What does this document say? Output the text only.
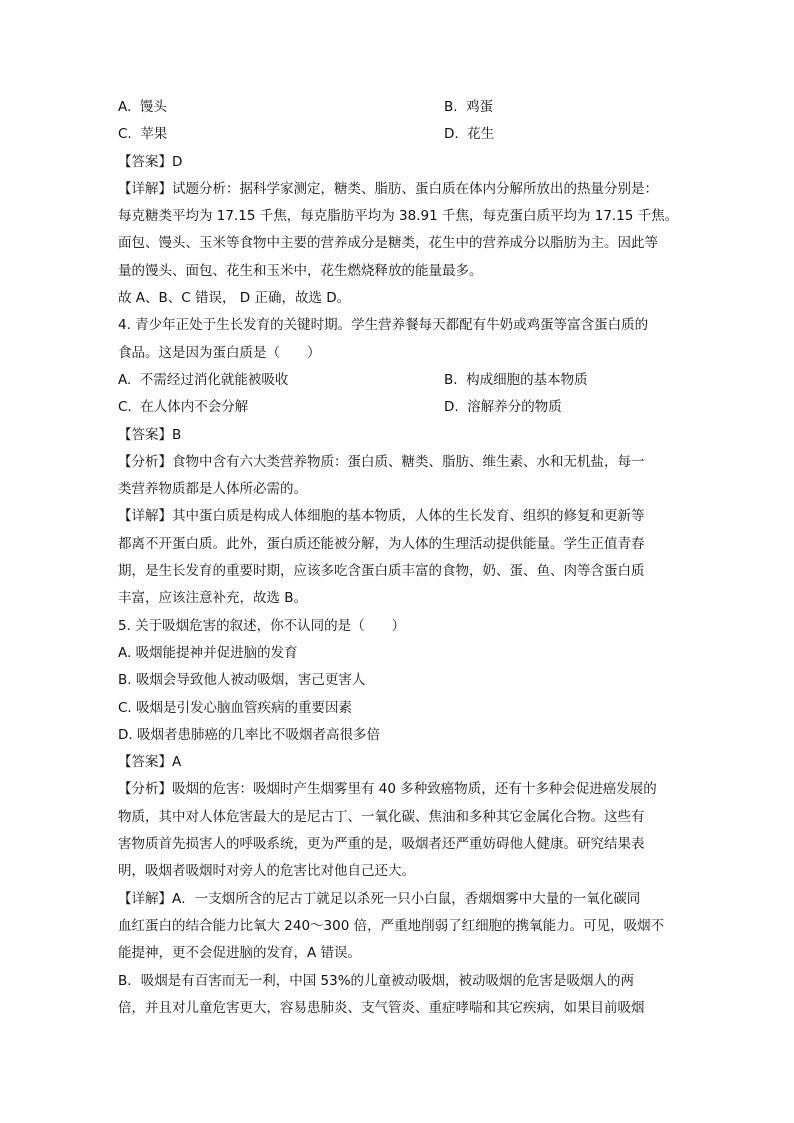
A. 馒头	B. 鸡蛋
C. 苹果	D. 花生
【答案】D
【详解】试题分析：据科学家测定，糖类、脂肪、蛋白质在体内分解所放出的热量分别是：
每克糖类平均为 17.15 千焦，每克脂肪平均为 38.91 千焦，每克蛋白质平均为 17.15 千焦。
面包、馒头、玉米等食物中主要的营养成分是糖类，花生中的营养成分以脂肪为主。因此等
量的馒头、面包、花生和玉米中，花生燃烧释放的能量最多。
故 A、B、C 错误， D 正确，故选 D。
4. 青少年正处于生长发育的关键时期。学生营养餐每天都配有牛奶或鸡蛋等富含蛋白质的
食品。这是因为蛋白质是（　　）
A. 不需经过消化就能被吸收	B. 构成细胞的基本物质
C. 在人体内不会分解	D. 溶解养分的物质
【答案】B
【分析】食物中含有六大类营养物质：蛋白质、糖类、脂肪、维生素、水和无机盐，每一
类营养物质都是人体所必需的。
【详解】其中蛋白质是构成人体细胞的基本物质，人体的生长发育、组织的修复和更新等
都离不开蛋白质。此外，蛋白质还能被分解，为人体的生理活动提供能量。学生正值青春
期，是生长发育的重要时期，应该多吃含蛋白质丰富的食物，奶、蛋、鱼、肉等含蛋白质
丰富，应该注意补充，故选 B。
5. 关于吸烟危害的叙述，你不认同的是（　　）
A. 吸烟能提神并促进脑的发育
B. 吸烟会导致他人被动吸烟，害己更害人
C. 吸烟是引发心脑血管疾病的重要因素
D. 吸烟者患肺癌的几率比不吸烟者高很多倍
【答案】A
【分析】吸烟的危害：吸烟时产生烟雾里有 40 多种致癌物质，还有十多种会促进癌发展的
物质，其中对人体危害最大的是尼古丁、一氧化碳、焦油和多种其它金属化合物。这些有
害物质首先损害人的呼吸系统，更为严重的是，吸烟者还严重妨碍他人健康。研究结果表
明，吸烟者吸烟时对旁人的危害比对他自己还大。
【详解】A．一支烟所含的尼古丁就足以杀死一只小白鼠，香烟烟雾中大量的一氧化碳同
血红蛋白的结合能力比氧大 240～300 倍，严重地削弱了红细胞的携氧能力。可见，吸烟不
能提神，更不会促进脑的发育，A 错误。
B．吸烟是有百害而无一利，中国 53%的儿童被动吸烟，被动吸烟的危害是吸烟人的两
倍，并且对儿童危害更大，容易患肺炎、支气管炎、重症哮喘和其它疾病，如果目前吸烟
